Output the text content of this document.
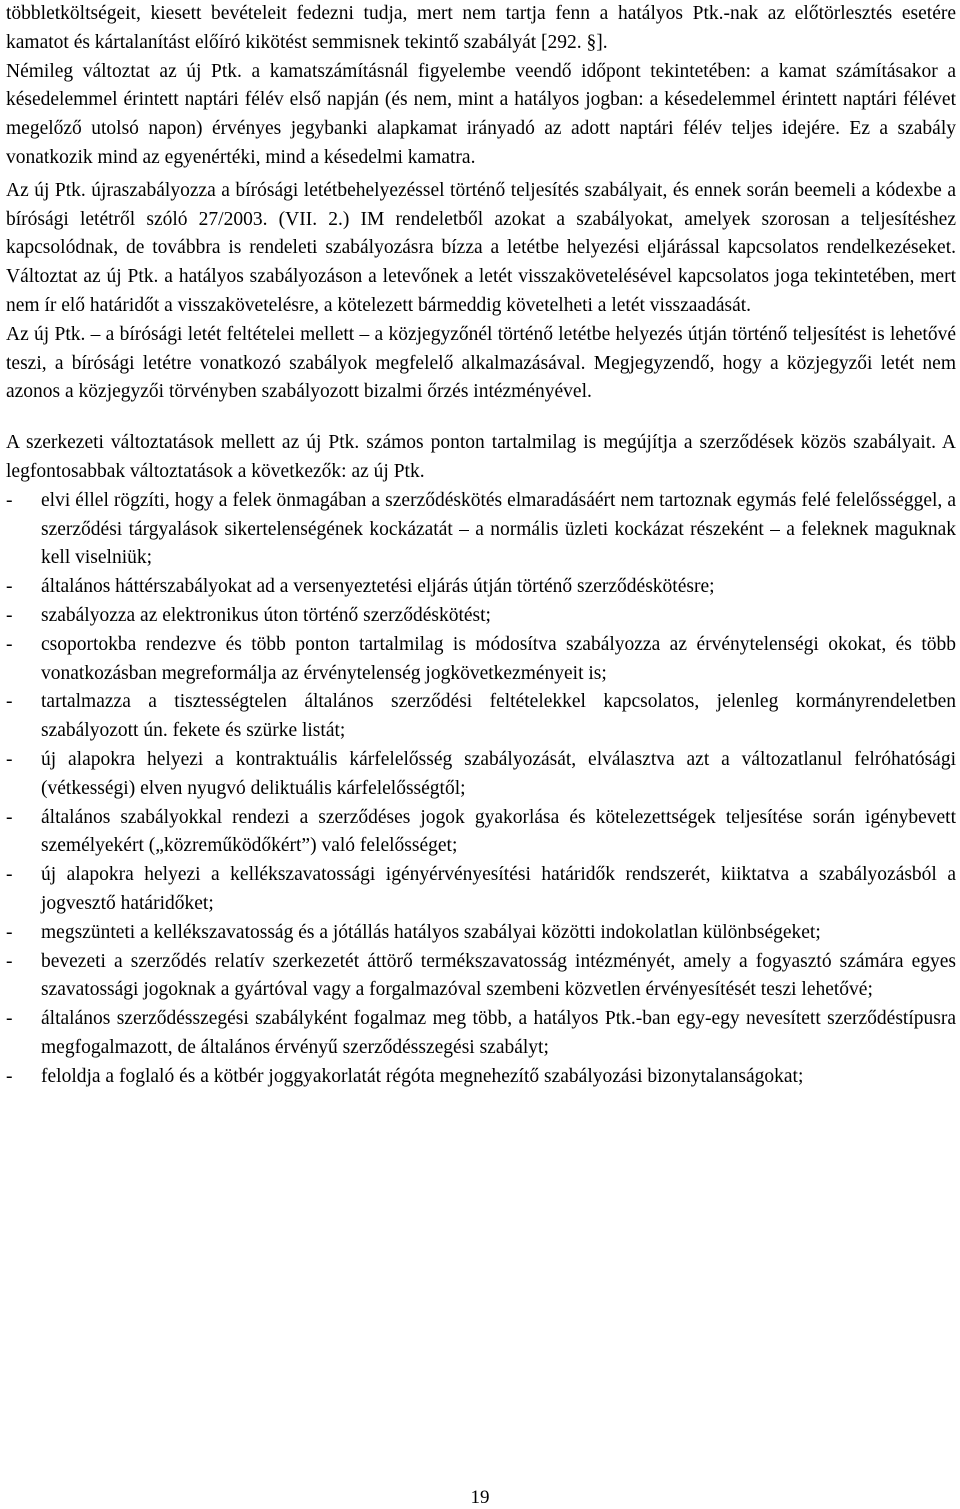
többletköltségeit, kiesett bevételeit fedezni tudja, mert nem tartja fenn a hatályos Ptk.-nak az előtörlesztés esetére kamatot és kártalanítást előíró kikötést semmisnek tekintő szabályát [292. §].

Némileg változtat az új Ptk. a kamatszámításnál figyelembe veendő időpont tekintetében: a kamat számításakor a késedelemmel érintett naptári félév első napján (és nem, mint a hatályos jogban: a késedelemmel érintett naptári félévet megelőző utolsó napon) érvényes jegybanki alapkamat irányadó az adott naptári félév teljes idejére. Ez a szabály vonatkozik mind az egyenértéki, mind a késedelmi kamatra.

Az új Ptk. újraszabályozza a bírósági letétbehelyezéssel történő teljesítés szabályait, és ennek során beemeli a kódexbe a bírósági letétről szóló 27/2003. (VII. 2.) IM rendeletből azokat a szabályokat, amelyek szorosan a teljesítéshez kapcsolódnak, de továbbra is rendeleti szabályozásra bízza a letétbe helyezési eljárással kapcsolatos rendelkezéseket. Változtat az új Ptk. a hatályos szabályozáson a letevőnek a letét visszakövetelésével kapcsolatos joga tekintetében, mert nem ír elő határidőt a visszakövetelésre, a kötelezett bármeddig követelheti a letét visszaadását.

Az új Ptk. – a bírósági letét feltételei mellett – a közjegyzőnél történő letétbe helyezés útján történő teljesítést is lehetővé teszi, a bírósági letétre vonatkozó szabályok megfelelő alkalmazásával. Megjegyzendő, hogy a közjegyzői letét nem azonos a közjegyzői törvényben szabályozott bizalmi őrzés intézményével.

A szerkezeti változtatások mellett az új Ptk. számos ponton tartalmilag is megújítja a szerződések közös szabályait. A legfontosabbak változtatások a következők: az új Ptk.

- elvi éllel rögzíti, hogy a felek önmagában a szerződéskötés elmaradásáért nem tartoznak egymás felé felelősséggel, a szerződési tárgyalások sikertelenségének kockázatát – a normális üzleti kockázat részeként – a feleknek maguknak kell viselniük;
- általános háttérszabályokat ad a versenyeztetési eljárás útján történő szerződéskötésre;
- szabályozza az elektronikus úton történő szerződéskötést;
- csoportokba rendezve és több ponton tartalmilag is módosítva szabályozza az érvénytelenségi okokat, és több vonatkozásban megreformálja az érvénytelenség jogkövetkezményeit is;
- tartalmazza a tisztességtelen általános szerződési feltételekkel kapcsolatos, jelenleg kormányrendeletben szabályozott ún. fekete és szürke listát;
- új alapokra helyezi a kontraktuális kárfelelősség szabályozását, elválasztva azt a változatlanul felróhatósági (vétkességi) elven nyugvó deliktuális kárfelelősségtől;
- általános szabályokkal rendezi a szerződéses jogok gyakorlása és kötelezettségek teljesítése során igénybevett személyekért („közreműködőkért”) való felelősséget;
- új alapokra helyezi a kellékszavatossági igényérvényesítési határidők rendszerét, kiiktatva a szabályozásból a jogvesztő határidőket;
- megszünteti a kellékszavatosság és a jótállás hatályos szabályai közötti indokolatlan különbségeket;
- bevezeti a szerződés relatív szerkezetét áttörő termékszavatosság intézményét, amely a fogyasztó számára egyes szavatossági jogoknak a gyártóval vagy a forgalmazóval szembeni közvetlen érvényesítését teszi lehetővé;
- általános szerződésszegési szabályként fogalmaz meg több, a hatályos Ptk.-ban egy-egy nevesített szerződéstípusra megfogalmazott, de általános érvényű szerződésszegési szabályt;
- feloldja a foglaló és a kötbér joggyakorlatát régóta megnehezítő szabályozási bizonytalanságokat;
19
